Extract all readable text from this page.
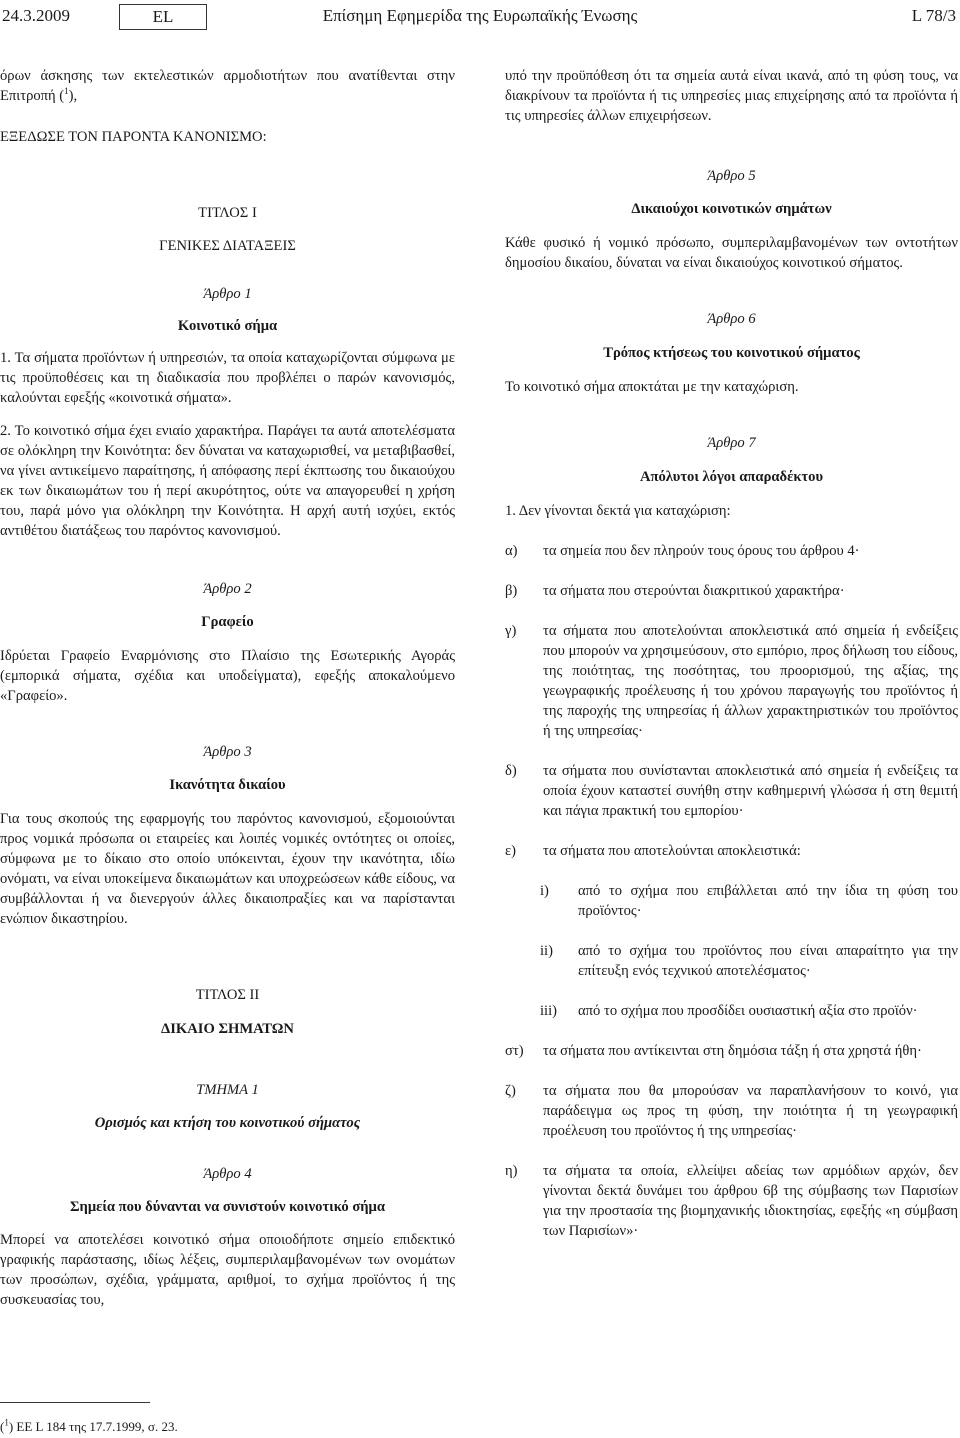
24.3.2009	EL	Επίσημη Εφημερίδα της Ευρωπαϊκής Ένωσης	L 78/3

όρων άσκησης των εκτελεστικών αρμοδιοτήτων που ανατίθενται στην Επιτροπή ($^1$),

ΕΞΕΔΩΣΕ ΤΟΝ ΠΑΡΟΝΤΑ ΚΑΝΟΝΙΣΜΟ:

ΤΙΤΛΟΣ I

ΓΕΝΙΚΕΣ ΔΙΑΤΑΞΕΙΣ

Άρθρο 1

Κοινοτικό σήμα

1. Τα σήματα προϊόντων ή υπηρεσιών, τα οποία καταχωρίζονται σύμφωνα με τις προϋποθέσεις και τη διαδικασία που προβλέπει ο παρών κανονισμός, καλούνται εφεξής «κοινοτικά σήματα».

2. Το κοινοτικό σήμα έχει ενιαίο χαρακτήρα. Παράγει τα αυτά αποτελέσματα σε ολόκληρη την Κοινότητα: δεν δύναται να καταχωρισθεί, να μεταβιβασθεί, να γίνει αντικείμενο παραίτησης, ή απόφασης περί έκπτωσης του δικαιούχου εκ των δικαιωμάτων του ή περί ακυρότητος, ούτε να απαγορευθεί η χρήση του, παρά μόνο για ολόκληρη την Κοινότητα. Η αρχή αυτή ισχύει, εκτός αντιθέτου διατάξεως του παρόντος κανονισμού.

Άρθρο 2

Γραφείο

Ιδρύεται Γραφείο Εναρμόνισης στο Πλαίσιο της Εσωτερικής Αγοράς (εμπορικά σήματα, σχέδια και υποδείγματα), εφεξής αποκαλούμενο «Γραφείο».

Άρθρο 3

Ικανότητα δικαίου

Για τους σκοπούς της εφαρμογής του παρόντος κανονισμού, εξομοιούνται προς νομικά πρόσωπα οι εταιρείες και λοιπές νομικές οντότητες οι οποίες, σύμφωνα με το δίκαιο στο οποίο υπόκεινται, έχουν την ικανότητα, ιδίω ονόματι, να είναι υποκείμενα δικαιωμάτων και υποχρεώσεων κάθε είδους, να συμβάλλονται ή να διενεργούν άλλες δικαιοπραξίες και να παρίστανται ενώπιον δικαστηρίου.

ΤΙΤΛΟΣ II

ΔΙΚΑΙΟ ΣΗΜΑΤΩΝ

ΤΜΗΜΑ 1

Ορισμός και κτήση του κοινοτικού σήματος

Άρθρο 4

Σημεία που δύνανται να συνιστούν κοινοτικό σήμα

Μπορεί να αποτελέσει κοινοτικό σήμα οποιοδήποτε σημείο επιδεκτικό γραφικής παράστασης, ιδίως λέξεις, συμπεριλαμβανομένων των ονομάτων των προσώπων, σχέδια, γράμματα, αριθμοί, το σχήμα προϊόντος ή της συσκευασίας του,

($^1$) ΕΕ L 184 της 17.7.1999, σ. 23.

υπό την προϋπόθεση ότι τα σημεία αυτά είναι ικανά, από τη φύση τους, να διακρίνουν τα προϊόντα ή τις υπηρεσίες μιας επιχείρησης από τα προϊόντα ή τις υπηρεσίες άλλων επιχειρήσεων.

Άρθρο 5

Δικαιούχοι κοινοτικών σημάτων

Κάθε φυσικό ή νομικό πρόσωπο, συμπεριλαμβανομένων των οντοτήτων δημοσίου δικαίου, δύναται να είναι δικαιούχος κοινοτικού σήματος.

Άρθρο 6

Τρόπος κτήσεως του κοινοτικού σήματος

Το κοινοτικό σήμα αποκτάται με την καταχώριση.

Άρθρο 7

Απόλυτοι λόγοι απαραδέκτου

1. Δεν γίνονται δεκτά για καταχώριση:

α) τα σημεία που δεν πληρούν τους όρους του άρθρου 4·
β) τα σήματα που στερούνται διακριτικού χαρακτήρα·
γ) τα σήματα που αποτελούνται αποκλειστικά από σημεία ή ενδείξεις που μπορούν να χρησιμεύσουν, στο εμπόριο, προς δήλωση του είδους, της ποιότητας, της ποσότητας, του προορισμού, της αξίας, της γεωγραφικής προέλευσης ή του χρόνου παραγωγής του προϊόντος ή της παροχής της υπηρεσίας ή άλλων χαρακτηριστικών του προϊόντος ή της υπηρεσίας·
δ) τα σήματα που συνίστανται αποκλειστικά από σημεία ή ενδείξεις τα οποία έχουν καταστεί συνήθη στην καθημερινή γλώσσα ή στη θεμιτή και πάγια πρακτική του εμπορίου·
ε) τα σήματα που αποτελούνται αποκλειστικά:
i) από το σχήμα που επιβάλλεται από την ίδια τη φύση του προϊόντος·
ii) από το σχήμα του προϊόντος που είναι απαραίτητο για την επίτευξη ενός τεχνικού αποτελέσματος·
iii) από το σχήμα που προσδίδει ουσιαστική αξία στο προϊόν·
στ) τα σήματα που αντίκεινται στη δημόσια τάξη ή στα χρηστά ήθη·
ζ) τα σήματα που θα μπορούσαν να παραπλανήσουν το κοινό, για παράδειγμα ως προς τη φύση, την ποιότητα ή τη γεωγραφική προέλευση του προϊόντος ή της υπηρεσίας·
η) τα σήματα τα οποία, ελλείψει αδείας των αρμόδιων αρχών, δεν γίνονται δεκτά δυνάμει του άρθρου 6β της σύμβασης των Παρισίων για την προστασία της βιομηχανικής ιδιοκτησίας, εφεξής «η σύμβαση των Παρισίων»·
